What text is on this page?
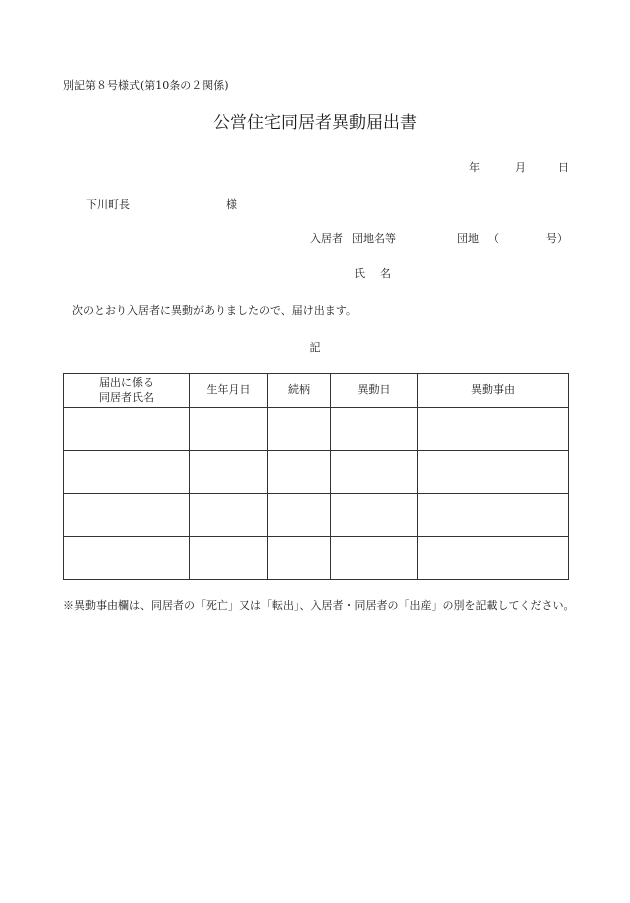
別記第８号様式(第10条の２関係)
公営住宅同居者異動届出書
年	月	日
下川町長	様
入居者 団地名等	団地 （	号）
氏名
次のとおり入居者に異動がありましたので、届け出ます。
記
届出に係る
同居者氏名	生年月日	続柄	異動日	異動事由

※異動事由欄は、同居者の「死亡」又は「転出」、入居者・同居者の「出産」の別を記載してください。
